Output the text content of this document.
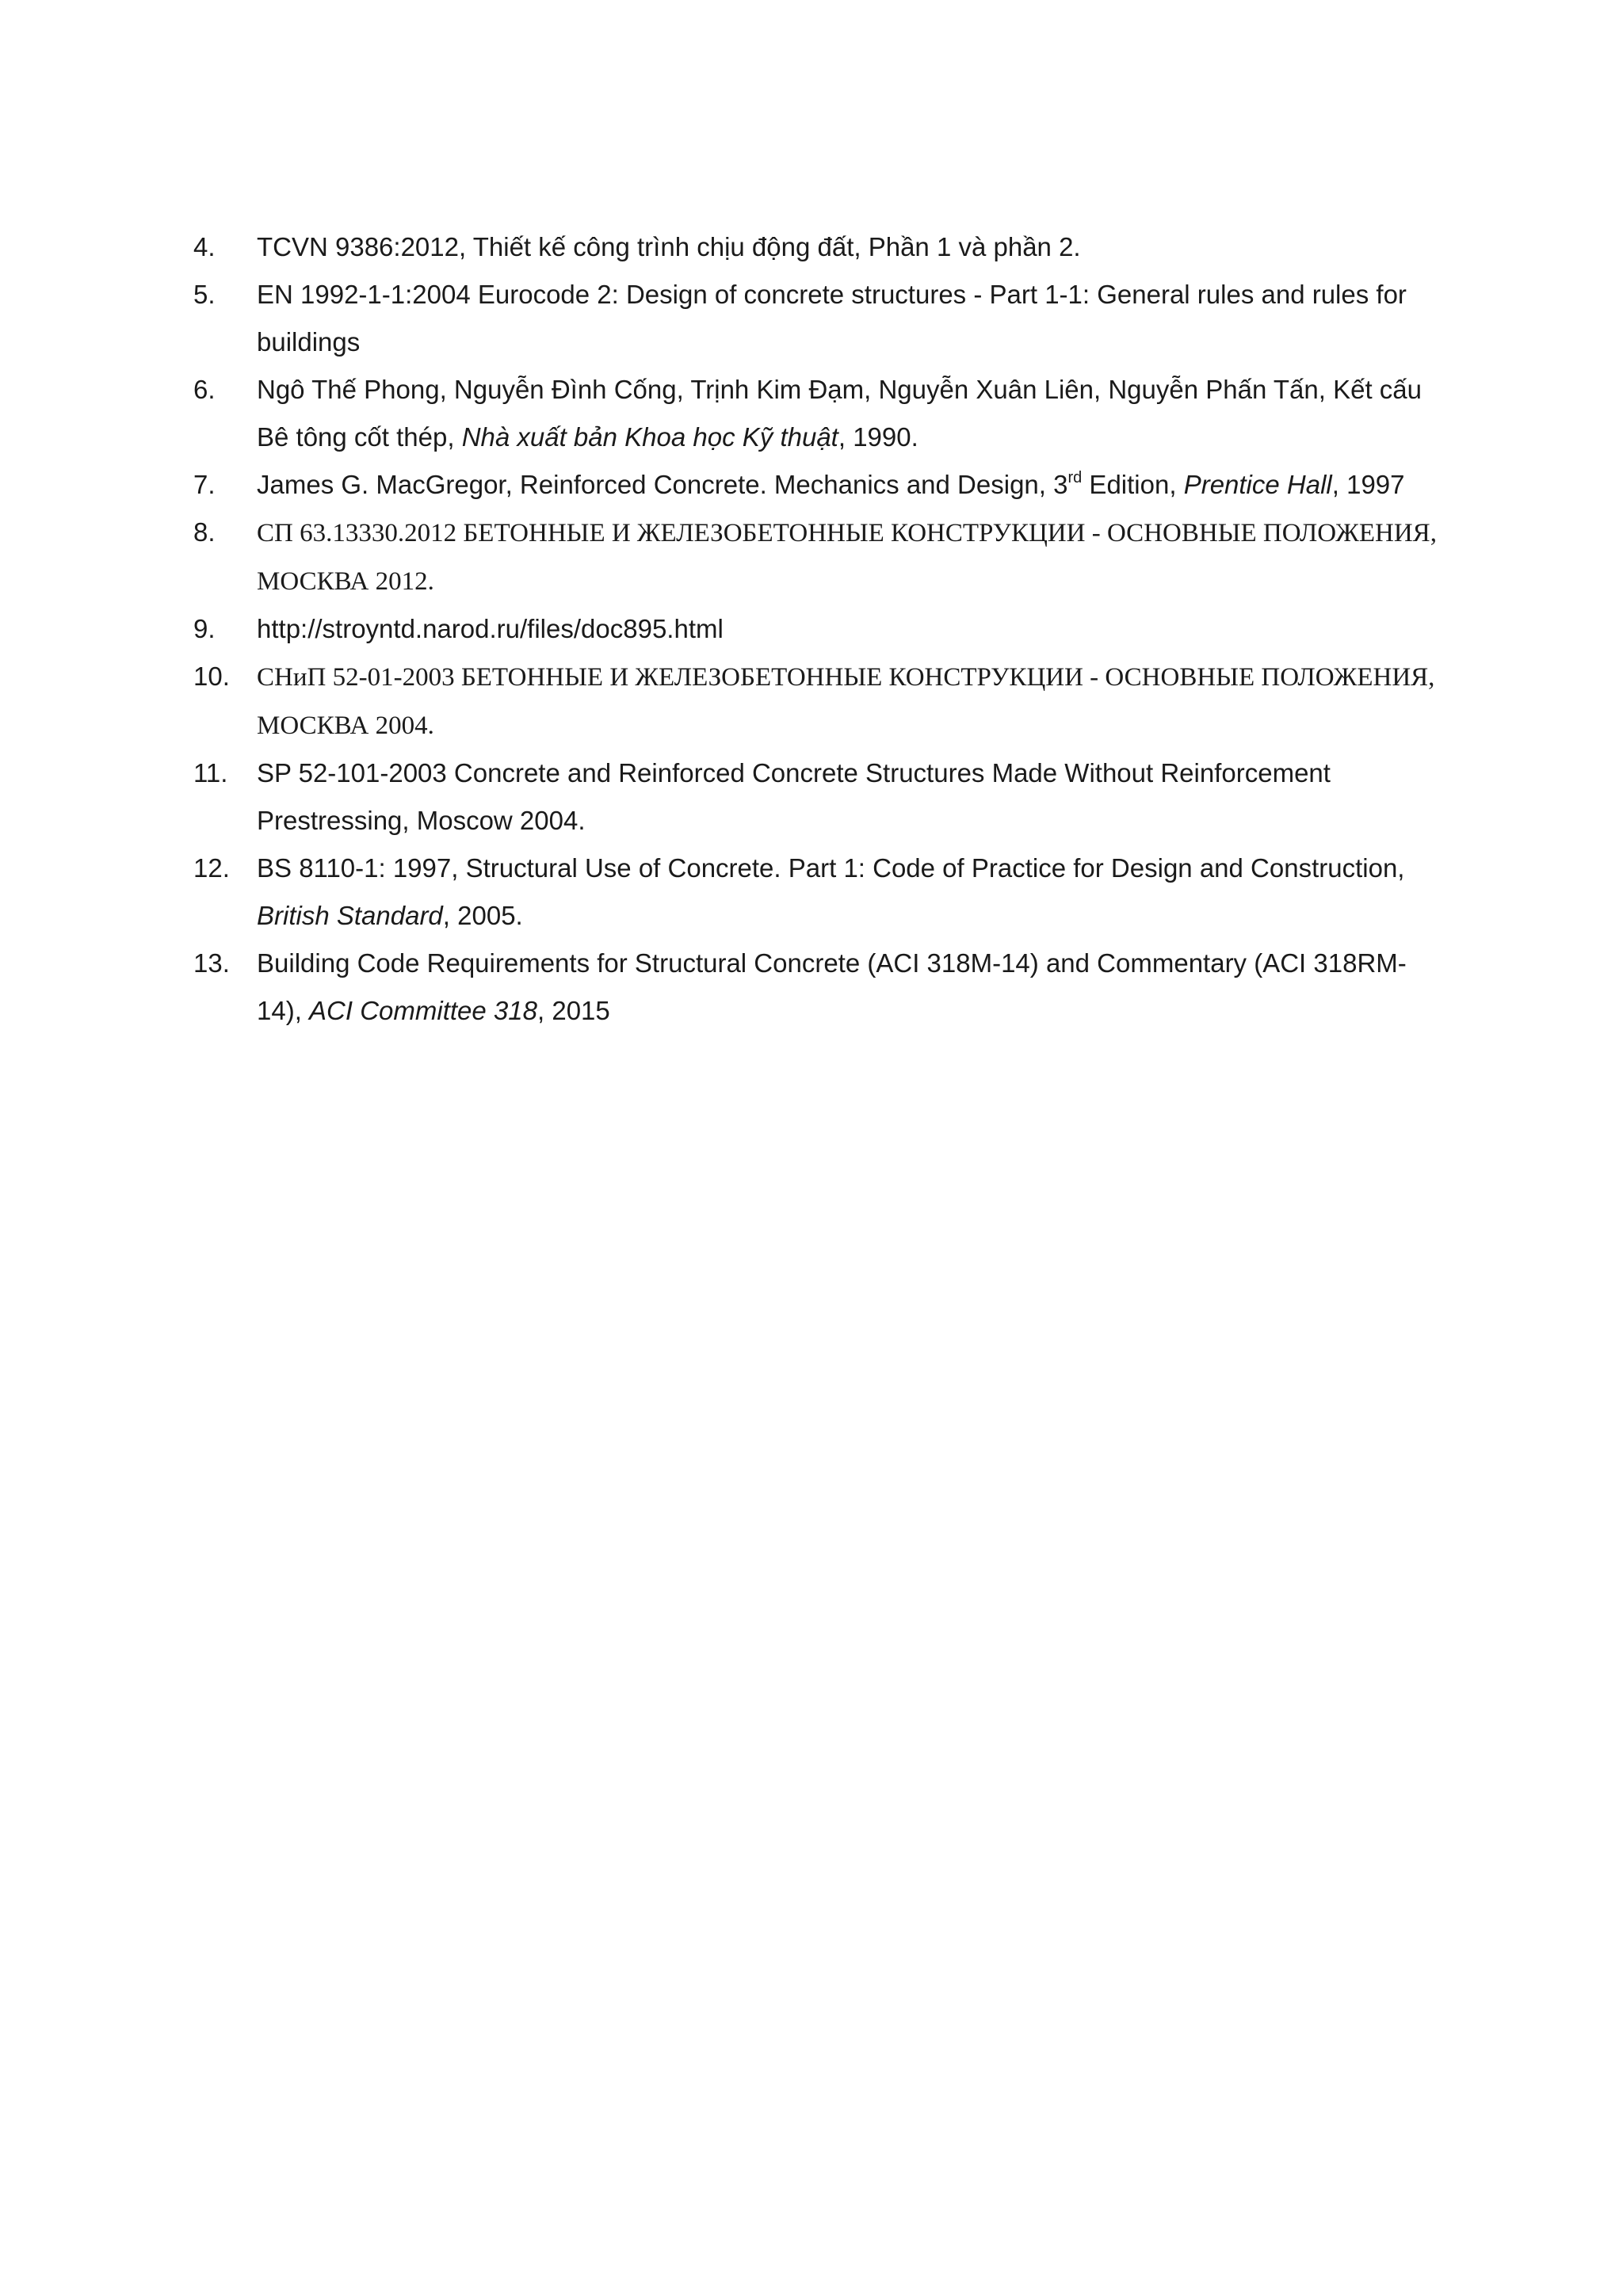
4. TCVN 9386:2012, Thiết kế công trình chịu động đất, Phần 1 và phần 2.
5. EN 1992-1-1:2004 Eurocode 2: Design of concrete structures - Part 1-1: General rules and rules for buildings
6. Ngô Thế Phong, Nguyễn Đình Cống, Trịnh Kim Đạm, Nguyễn Xuân Liên, Nguyễn Phấn Tấn, Kết cấu Bê tông cốt thép, Nhà xuất bản Khoa học Kỹ thuật, 1990.
7. James G. MacGregor, Reinforced Concrete. Mechanics and Design, 3rd Edition, Prentice Hall, 1997
8. СП 63.13330.2012 БЕТОННЫЕ И ЖЕЛЕЗОБЕТОННЫЕ КОНСТРУКЦИИ - ОСНОВНЫЕ ПОЛОЖЕНИЯ, МОСКВА 2012.
9. http://stroyntd.narod.ru/files/doc895.html
10. СНиП 52-01-2003 БЕТОННЫЕ И ЖЕЛЕЗОБЕТОННЫЕ КОНСТРУКЦИИ - ОСНОВНЫЕ ПОЛОЖЕНИЯ, МОСКВА 2004.
11. SP 52-101-2003 Concrete and Reinforced Concrete Structures Made Without Reinforcement Prestressing, Moscow 2004.
12. BS 8110-1: 1997, Structural Use of Concrete. Part 1: Code of Practice for Design and Construction, British Standard, 2005.
13. Building Code Requirements for Structural Concrete (ACI 318M-14) and Commentary (ACI 318RM-14), ACI Committee 318, 2015
